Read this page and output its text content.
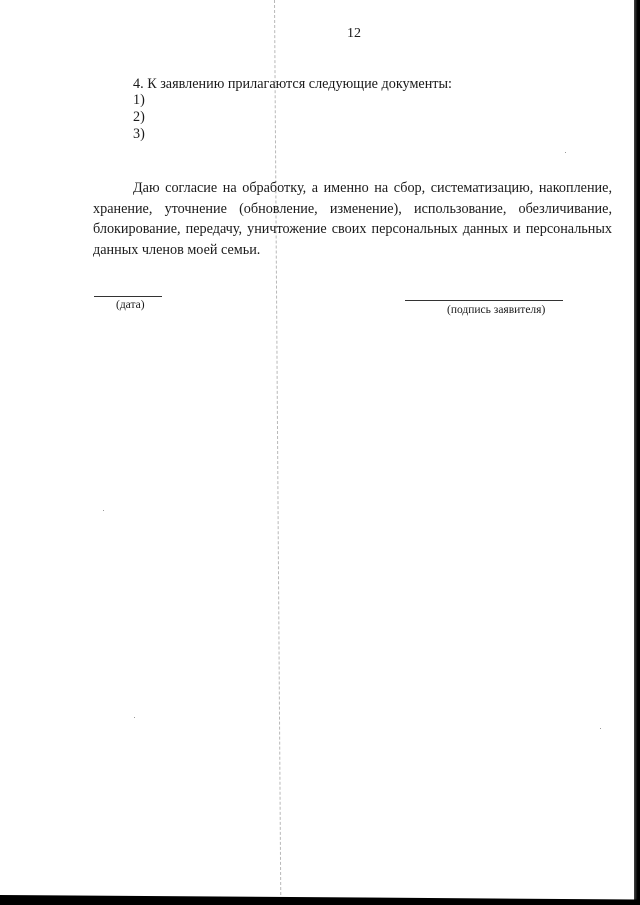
12
4. К заявлению прилагаются следующие документы:
1)
2)
3)
Даю согласие на обработку, а именно на сбор, систематизацию, накопление, хранение, уточнение (обновление, изменение), использование, обезличивание, блокирование, передачу, уничтожение своих персональных данных и персональных данных членов моей семьи.
(дата)	(подпись заявителя)
